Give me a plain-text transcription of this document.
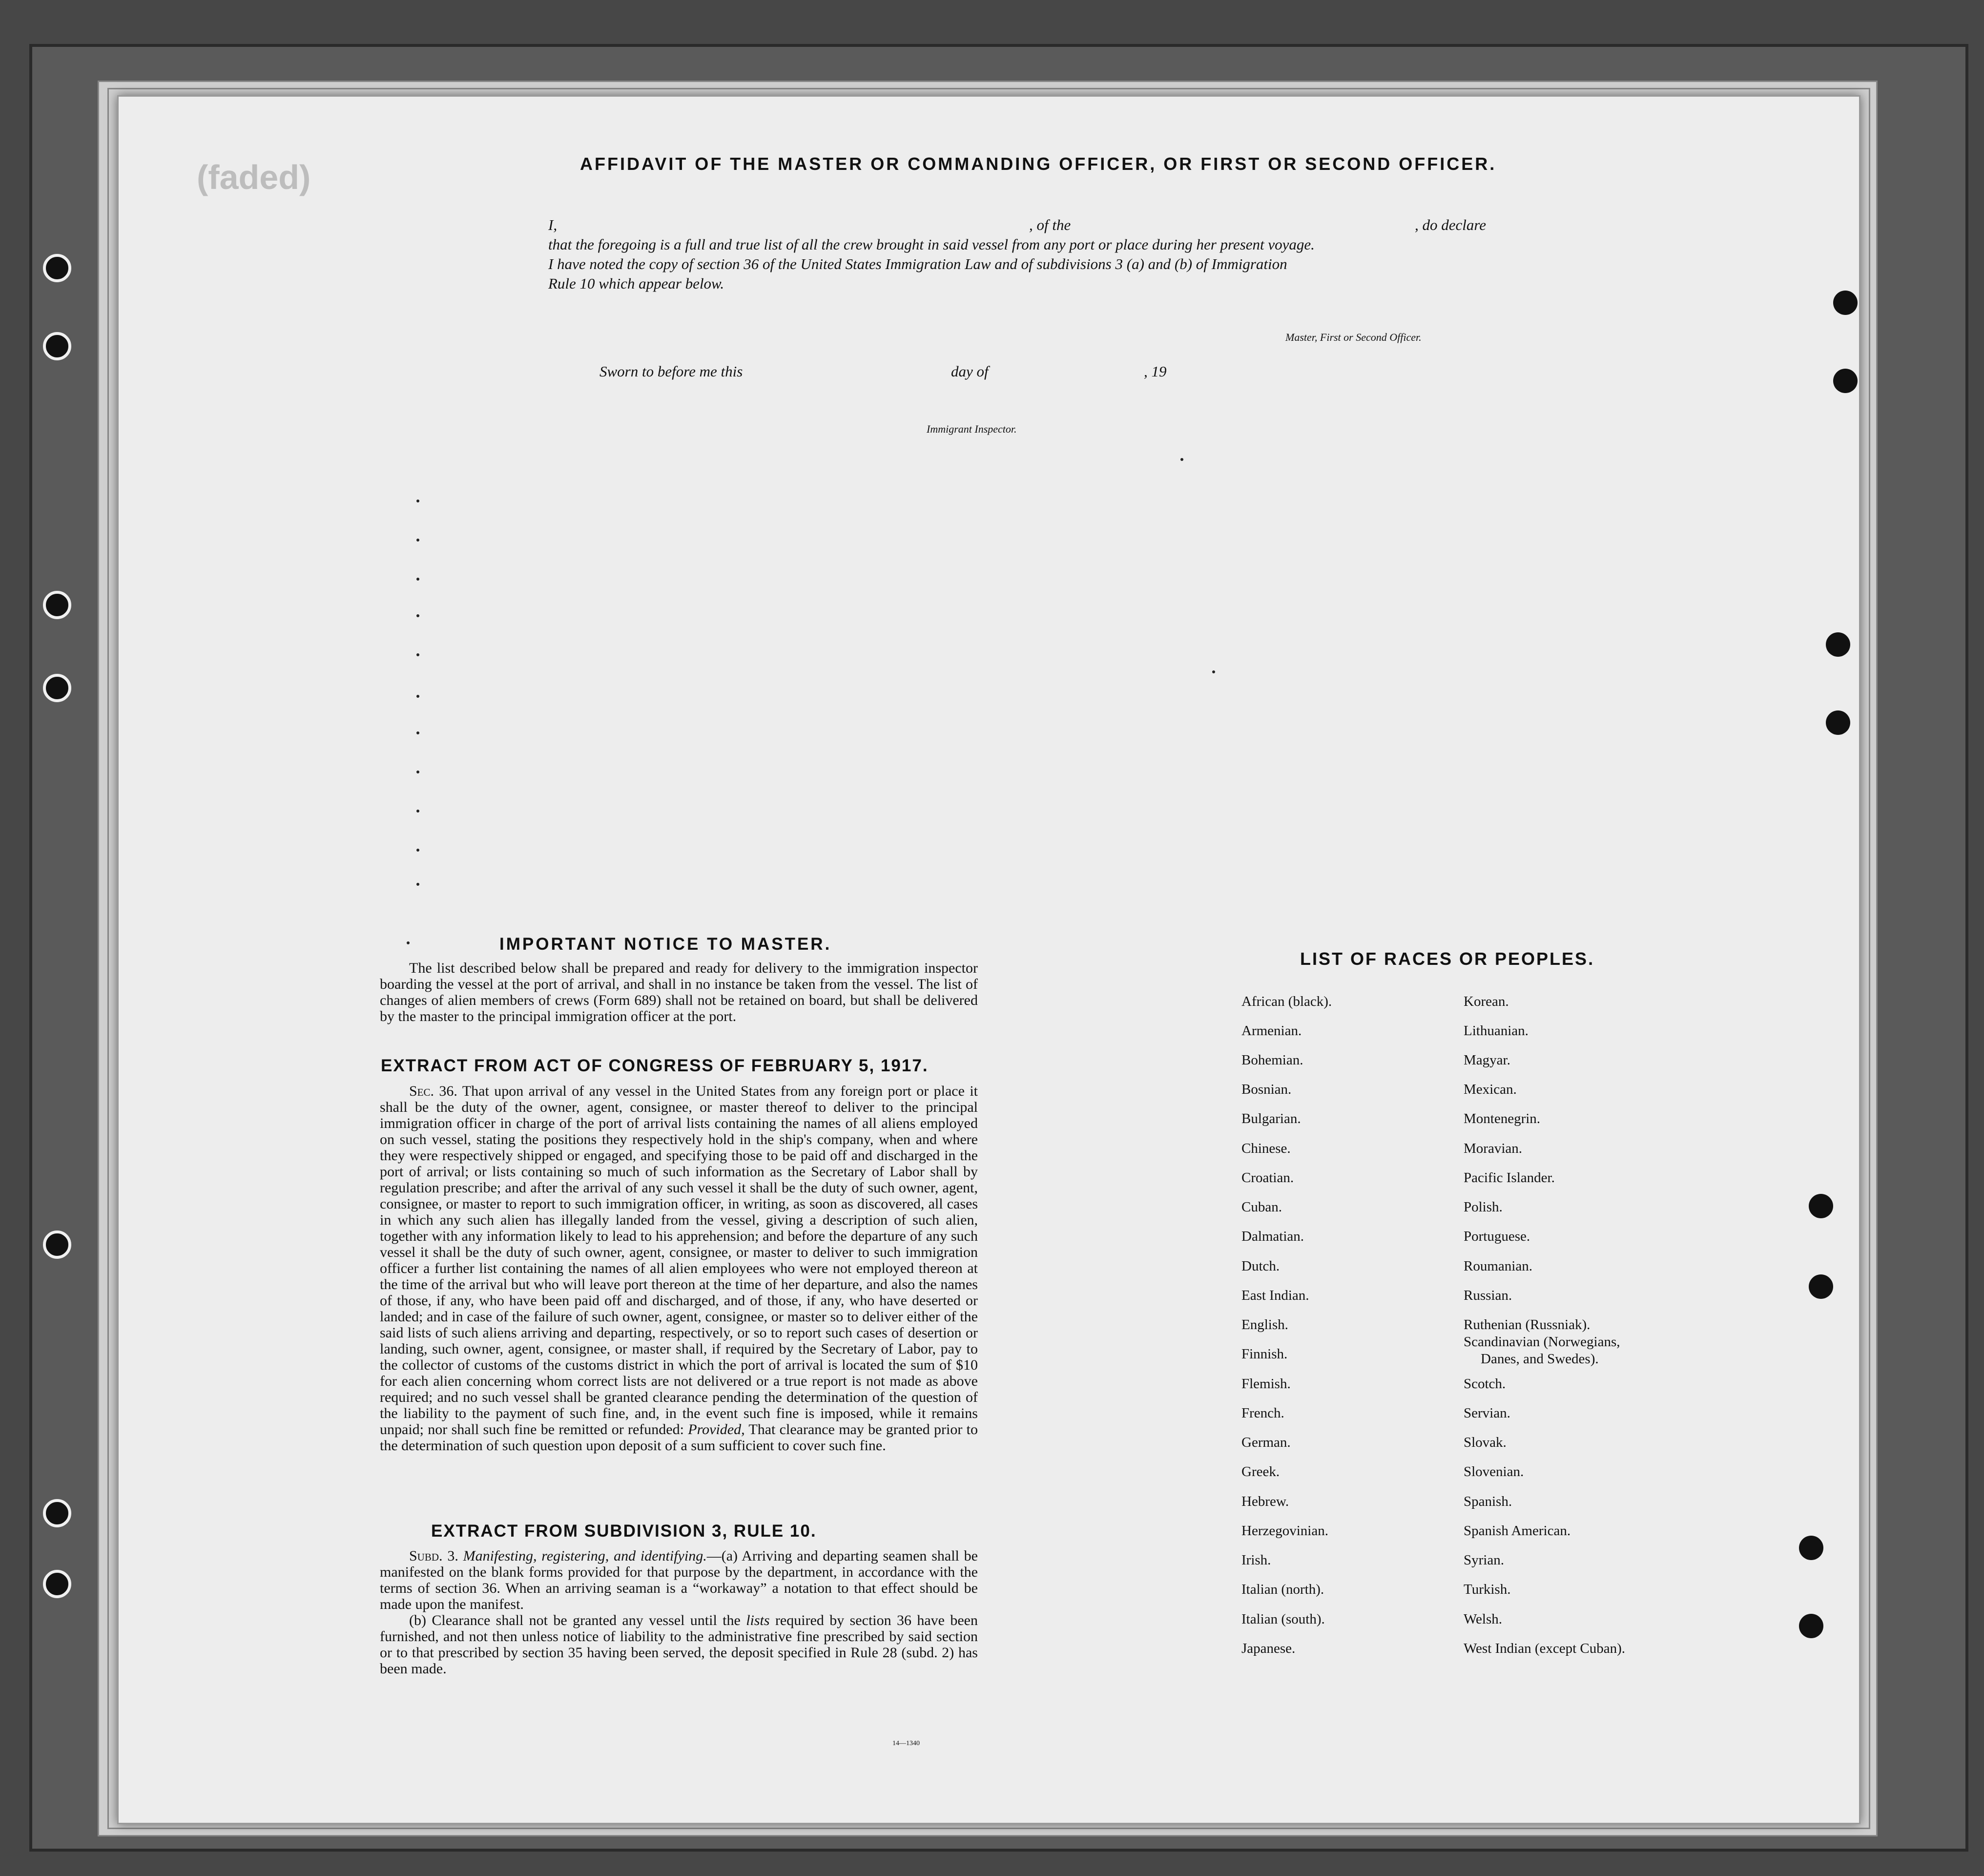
(faded)	AFFIDAVIT OF THE MASTER OR COMMANDING OFFICER, OR FIRST OR SECOND OFFICER.
I,	, of the	, do declare
that the foregoing is a full and true list of all the crew brought in said vessel from any port or place during her present voyage.
I have noted the copy of section 36 of the United States Immigration Law and of subdivisions 3 (a) and (b) of Immigration
Rule 10 which appear below.
Master, First or Second Officer.
Sworn to before me this	day of	, 19
Immigrant Inspector.
IMPORTANT NOTICE TO MASTER.

The list described below shall be prepared and ready for delivery to the immigration inspector boarding the vessel at the port of arrival, and shall in no instance be taken from the vessel. The list of changes of alien members of crews (Form 689) shall not be retained on board, but shall be delivered by the master to the principal immigration officer at the port.

EXTRACT FROM ACT OF CONGRESS OF FEBRUARY 5, 1917.

Sec. 36. That upon arrival of any vessel in the United States from any foreign port or place it shall be the duty of the owner, agent, consignee, or master thereof to deliver to the principal immigration officer in charge of the port of arrival lists containing the names of all aliens employed on such vessel, stating the positions they respectively hold in the ship's company, when and where they were respectively shipped or engaged, and specifying those to be paid off and discharged in the port of arrival; or lists containing so much of such information as the Secretary of Labor shall by regulation prescribe; and after the arrival of any such vessel it shall be the duty of such owner, agent, consignee, or master to report to such immigration officer, in writing, as soon as discovered, all cases in which any such alien has illegally landed from the vessel, giving a description of such alien, together with any information likely to lead to his apprehension; and before the departure of any such vessel it shall be the duty of such owner, agent, consignee, or master to deliver to such immigration officer a further list containing the names of all alien employees who were not employed thereon at the time of the arrival but who will leave port thereon at the time of her departure, and also the names of those, if any, who have been paid off and discharged, and of those, if any, who have deserted or landed; and in case of the failure of such owner, agent, consignee, or master so to deliver either of the said lists of such aliens arriving and departing, respectively, or so to report such cases of desertion or landing, such owner, agent, consignee, or master shall, if required by the Secretary of Labor, pay to the collector of customs of the customs district in which the port of arrival is located the sum of $10 for each alien concerning whom correct lists are not delivered or a true report is not made as above required; and no such vessel shall be granted clearance pending the determination of the question of the liability to the payment of such fine, and, in the event such fine is imposed, while it remains unpaid; nor shall such fine be remitted or refunded: Provided, That clearance may be granted prior to the determination of such question upon deposit of a sum sufficient to cover such fine.

EXTRACT FROM SUBDIVISION 3, RULE 10.

Subd. 3. Manifesting, registering, and identifying.—(a) Arriving and departing seamen shall be manifested on the blank forms provided for that purpose by the department, in accordance with the terms of section 36. When an arriving seaman is a “workaway” a notation to that effect should be made upon the manifest.

(b) Clearance shall not be granted any vessel until the lists required by section 36 have been furnished, and not then unless notice of liability to the administrative fine prescribed by said section or to that prescribed by section 35 having been served, the deposit specified in Rule 28 (subd. 2) has been made.

14—1340
LIST OF RACES OR PEOPLES.
African (black).
Armenian.
Bohemian.
Bosnian.
Bulgarian.
Chinese.
Croatian.
Cuban.
Dalmatian.
Dutch.
East Indian.
English.
Finnish.
Flemish.
French.
German.
Greek.
Hebrew.
Herzegovinian.
Irish.
Italian (north).
Italian (south).
Japanese.
Korean.
Lithuanian.
Magyar.
Mexican.
Montenegrin.
Moravian.
Pacific Islander.
Polish.
Portuguese.
Roumanian.
Russian.
Ruthenian (Russniak).
Scandinavian (Norwegians,
Danes, and Swedes).
Scotch.
Servian.
Slovak.
Slovenian.
Spanish.
Spanish American.
Syrian.
Turkish.
Welsh.
West Indian (except Cuban).
